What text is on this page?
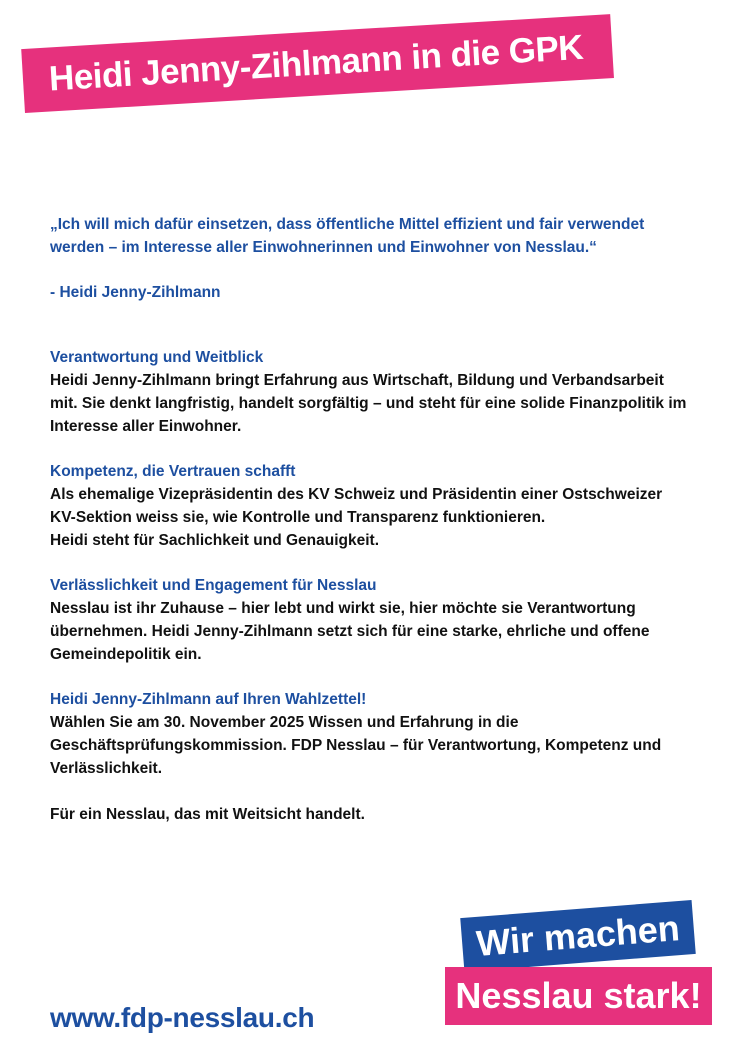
Heidi Jenny-Zihlmann in die GPK
„Ich will mich dafür einsetzen, dass öffentliche Mittel effizient und fair verwendet werden – im Interesse aller Einwohnerinnen und Einwohner von Nesslau.“
- Heidi Jenny-Zihlmann
Verantwortung und Weitblick
Heidi Jenny-Zihlmann bringt Erfahrung aus Wirtschaft, Bildung und Verbandsarbeit mit. Sie denkt langfristig, handelt sorgfältig – und steht für eine solide Finanzpolitik im Interesse aller Einwohner.
Kompetenz, die Vertrauen schafft
Als ehemalige Vizepräsidentin des KV Schweiz und Präsidentin einer Ostschweizer
KV-Sektion weiss sie, wie Kontrolle und Transparenz funktionieren.
Heidi steht für Sachlichkeit und Genauigkeit.
Verlässlichkeit und Engagement für Nesslau
Nesslau ist ihr Zuhause – hier lebt und wirkt sie, hier möchte sie Verantwortung übernehmen. Heidi Jenny-Zihlmann setzt sich für eine starke, ehrliche und offene Gemeindepolitik ein.
Heidi Jenny-Zihlmann auf Ihren Wahlzettel!
Wählen Sie am 30. November 2025 Wissen und Erfahrung in die Geschäftsprüfungskommission. FDP Nesslau – für Verantwortung, Kompetenz und Verlässlichkeit.
Für ein Nesslau, das mit Weitsicht handelt.
www.fdp-nesslau.ch
Wir machen
Nesslau stark!
